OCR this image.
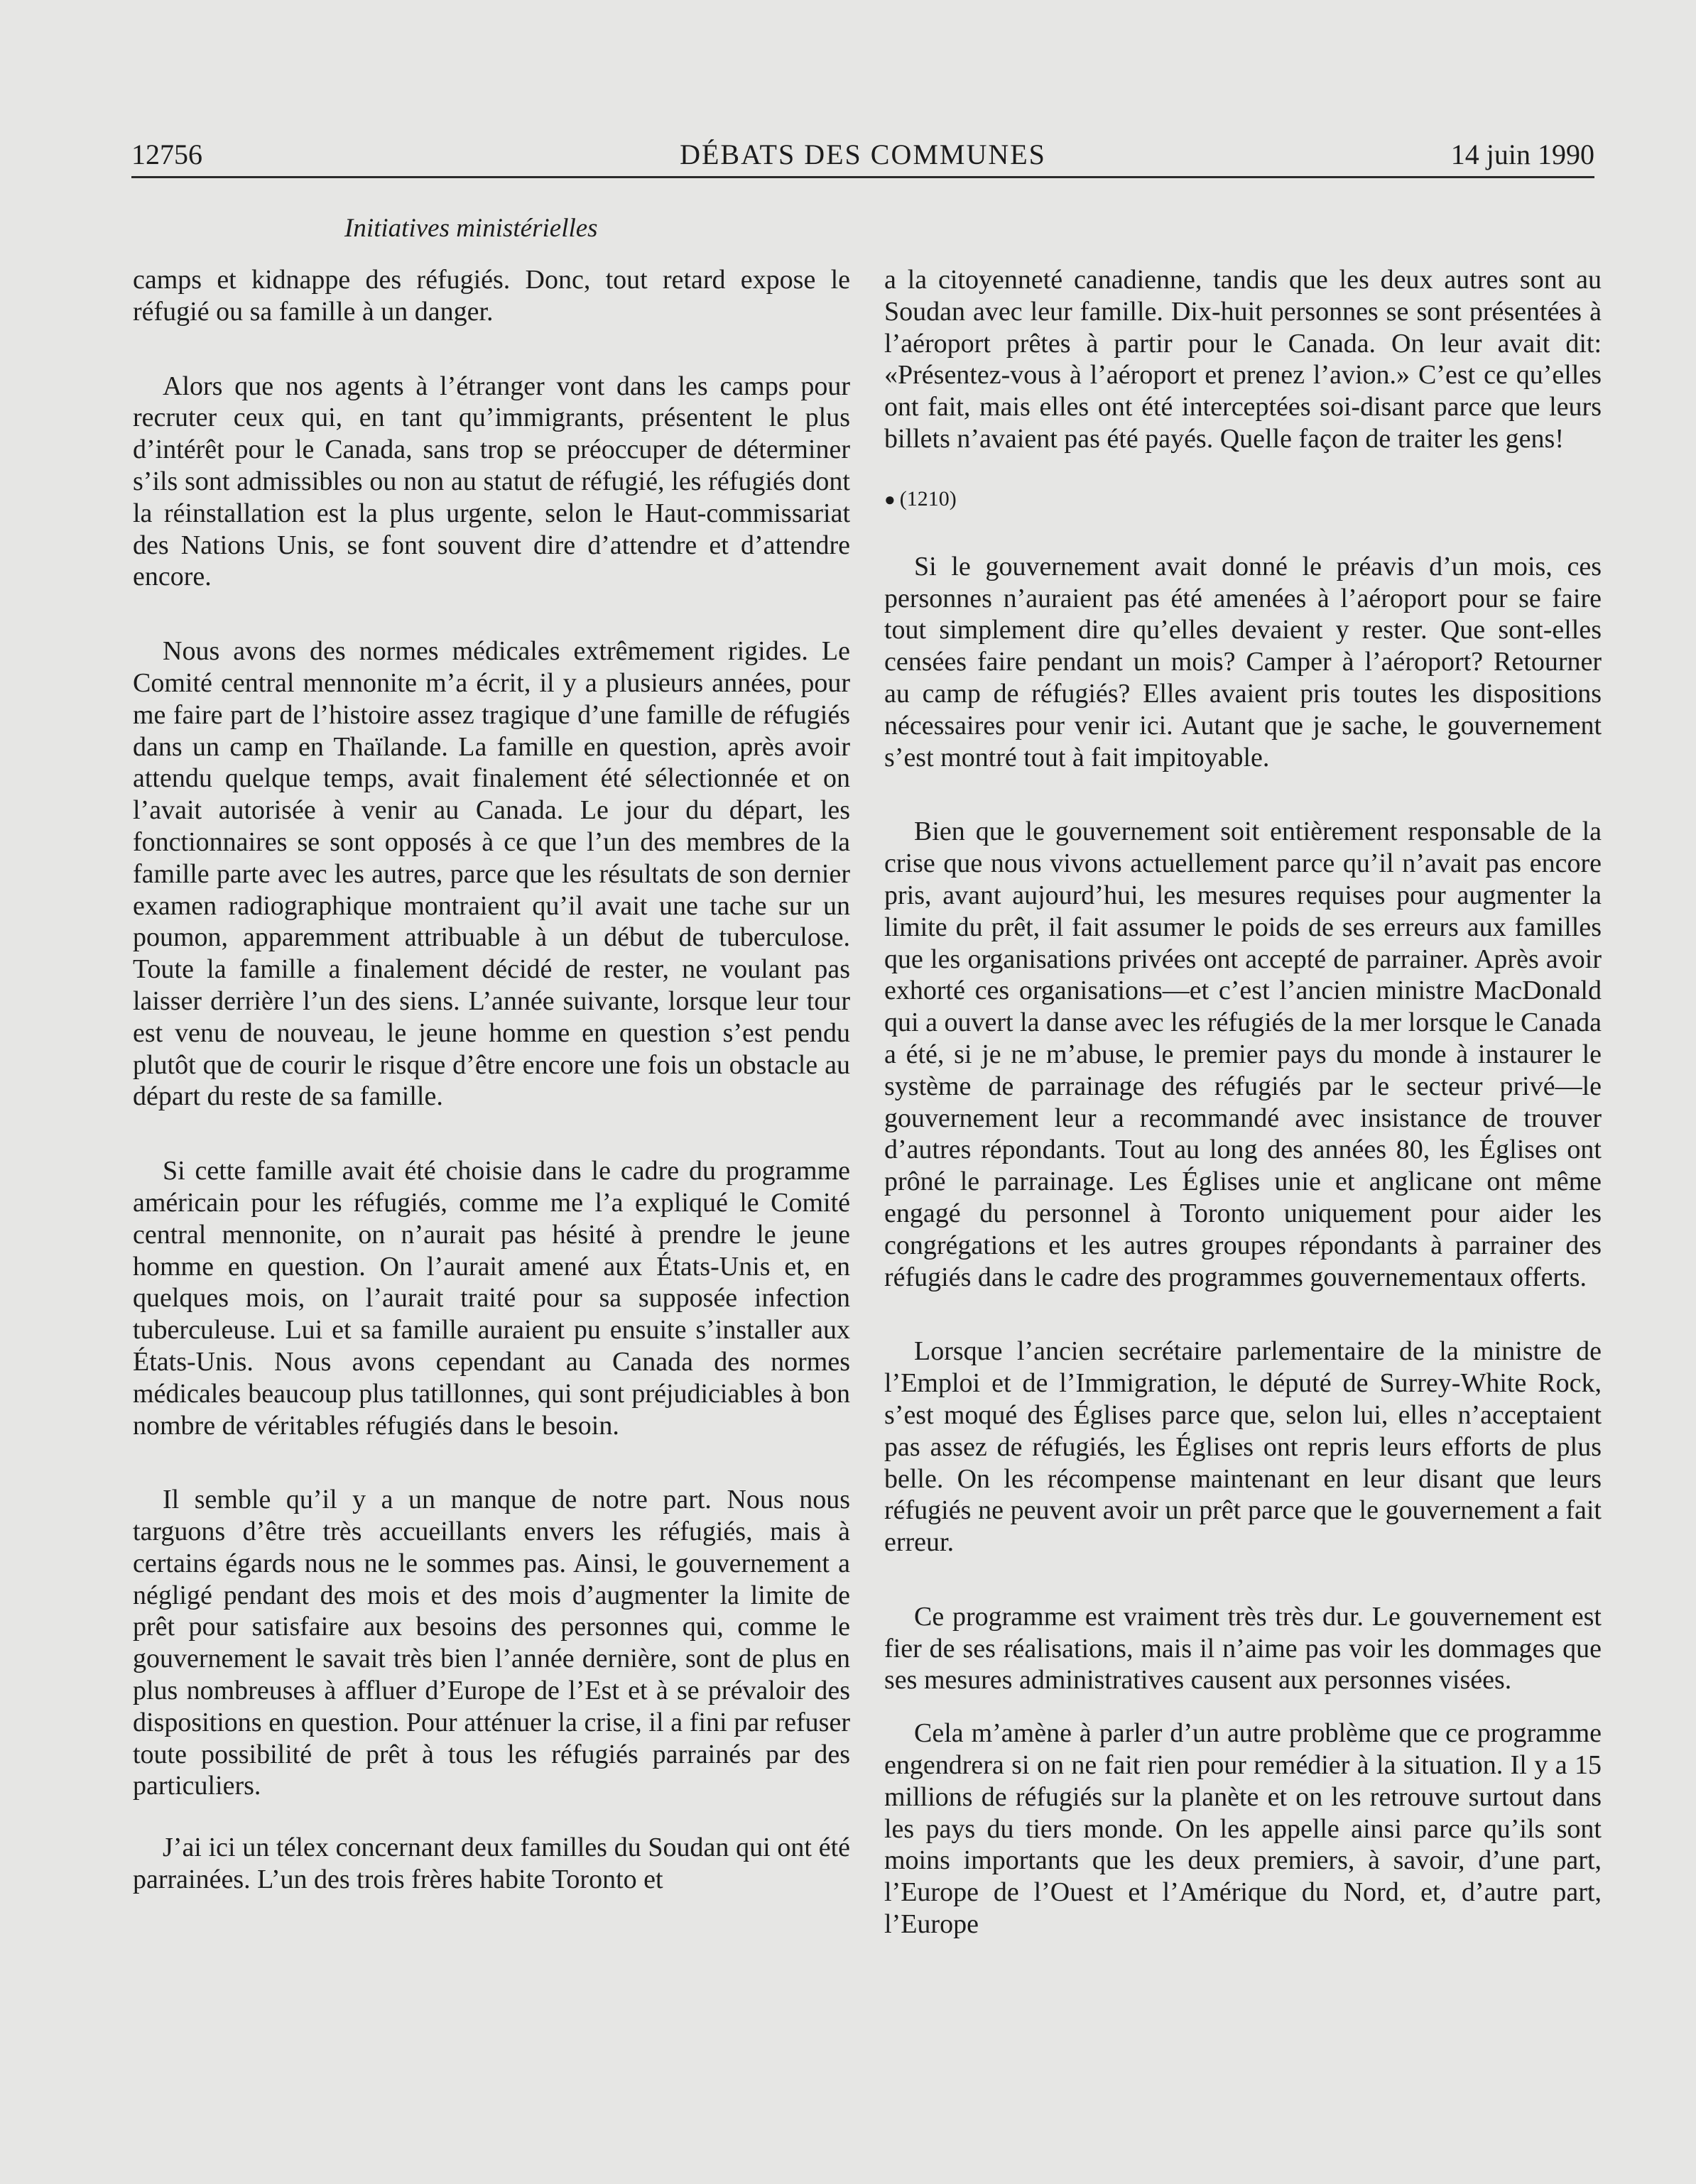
12756	DÉBATS DES COMMUNES	14 juin 1990
Initiatives ministérielles

camps et kidnappe des réfugiés. Donc, tout retard expose le réfugié ou sa famille à un danger.

Alors que nos agents à l’étranger vont dans les camps pour recruter ceux qui, en tant qu’immigrants, présentent le plus d’intérêt pour le Canada, sans trop se préoccuper de déterminer s’ils sont admissibles ou non au statut de réfugié, les réfugiés dont la réinstallation est la plus urgente, selon le Haut-commissariat des Nations Unis, se font souvent dire d’attendre et d’attendre encore.

Nous avons des normes médicales extrêmement rigides. Le Comité central mennonite m’a écrit, il y a plusieurs années, pour me faire part de l’histoire assez tragique d’une famille de réfugiés dans un camp en Thaïlande. La famille en question, après avoir attendu quelque temps, avait finalement été sélectionnée et on l’avait autorisée à venir au Canada. Le jour du départ, les fonctionnaires se sont opposés à ce que l’un des membres de la famille parte avec les autres, parce que les résultats de son dernier examen radiographique montraient qu’il avait une tache sur un poumon, apparemment attribuable à un début de tuberculose. Toute la famille a finalement décidé de rester, ne voulant pas laisser derrière l’un des siens. L’année suivante, lorsque leur tour est venu de nouveau, le jeune homme en question s’est pendu plutôt que de courir le risque d’être encore une fois un obstacle au départ du reste de sa famille.

Si cette famille avait été choisie dans le cadre du programme américain pour les réfugiés, comme me l’a expliqué le Comité central mennonite, on n’aurait pas hésité à prendre le jeune homme en question. On l’aurait amené aux États-Unis et, en quelques mois, on l’aurait traité pour sa supposée infection tuberculeuse. Lui et sa famille auraient pu ensuite s’installer aux États-Unis. Nous avons cependant au Canada des normes médicales beaucoup plus tatillonnes, qui sont préjudiciables à bon nombre de véritables réfugiés dans le besoin.

Il semble qu’il y a un manque de notre part. Nous nous targuons d’être très accueillants envers les réfugiés, mais à certains égards nous ne le sommes pas. Ainsi, le gouvernement a négligé pendant des mois et des mois d’augmenter la limite de prêt pour satisfaire aux besoins des personnes qui, comme le gouvernement le savait très bien l’année dernière, sont de plus en plus nombreuses à affluer d’Europe de l’Est et à se prévaloir des dispositions en question. Pour atténuer la crise, il a fini par refuser toute possibilité de prêt à tous les réfugiés parrainés par des particuliers.

J’ai ici un télex concernant deux familles du Soudan qui ont été parrainées. L’un des trois frères habite Toronto et

a la citoyenneté canadienne, tandis que les deux autres sont au Soudan avec leur famille. Dix-huit personnes se sont présentées à l’aéroport prêtes à partir pour le Canada. On leur avait dit: «Présentez-vous à l’aéroport et prenez l’avion.» C’est ce qu’elles ont fait, mais elles ont été interceptées soi-disant parce que leurs billets n’avaient pas été payés. Quelle façon de traiter les gens!

● (1210)

Si le gouvernement avait donné le préavis d’un mois, ces personnes n’auraient pas été amenées à l’aéroport pour se faire tout simplement dire qu’elles devaient y rester. Que sont-elles censées faire pendant un mois? Camper à l’aéroport? Retourner au camp de réfugiés? Elles avaient pris toutes les dispositions nécessaires pour venir ici. Autant que je sache, le gouvernement s’est montré tout à fait impitoyable.

Bien que le gouvernement soit entièrement responsable de la crise que nous vivons actuellement parce qu’il n’avait pas encore pris, avant aujourd’hui, les mesures requises pour augmenter la limite du prêt, il fait assumer le poids de ses erreurs aux familles que les organisations privées ont accepté de parrainer. Après avoir exhorté ces organisations—et c’est l’ancien ministre MacDonald qui a ouvert la danse avec les réfugiés de la mer lorsque le Canada a été, si je ne m’abuse, le premier pays du monde à instaurer le système de parrainage des réfugiés par le secteur privé—le gouvernement leur a recommandé avec insistance de trouver d’autres répondants. Tout au long des années 80, les Églises ont prôné le parrainage. Les Églises unie et anglicane ont même engagé du personnel à Toronto uniquement pour aider les congrégations et les autres groupes répondants à parrainer des réfugiés dans le cadre des programmes gouvernementaux offerts.

Lorsque l’ancien secrétaire parlementaire de la ministre de l’Emploi et de l’Immigration, le député de Surrey-White Rock, s’est moqué des Églises parce que, selon lui, elles n’acceptaient pas assez de réfugiés, les Églises ont repris leurs efforts de plus belle. On les récompense maintenant en leur disant que leurs réfugiés ne peuvent avoir un prêt parce que le gouvernement a fait erreur.

Ce programme est vraiment très très dur. Le gouvernement est fier de ses réalisations, mais il n’aime pas voir les dommages que ses mesures administratives causent aux personnes visées.

Cela m’amène à parler d’un autre problème que ce programme engendrera si on ne fait rien pour remédier à la situation. Il y a 15 millions de réfugiés sur la planète et on les retrouve surtout dans les pays du tiers monde. On les appelle ainsi parce qu’ils sont moins importants que les deux premiers, à savoir, d’une part, l’Europe de l’Ouest et l’Amérique du Nord, et, d’autre part, l’Europe
